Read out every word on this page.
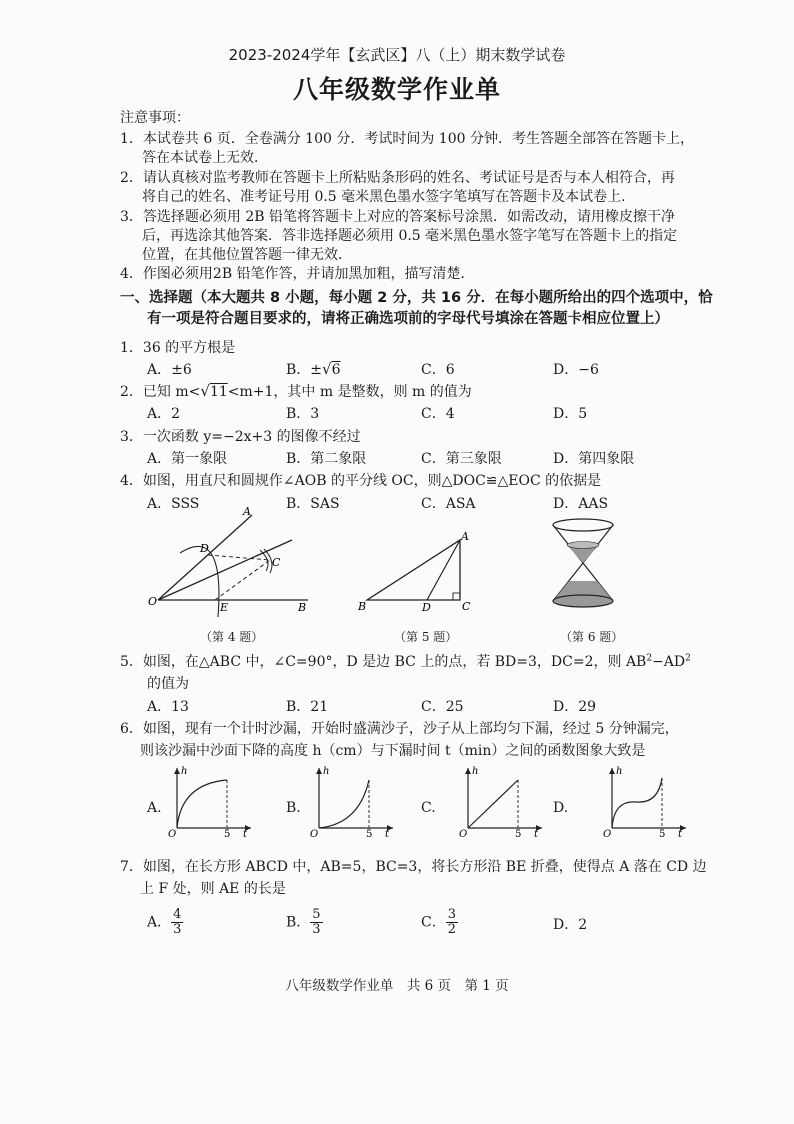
2023-2024学年【玄武区】八（上）期末数学试卷
八年级数学作业单
注意事项：
1．本试卷共 6 页．全卷满分 100 分．考试时间为 100 分钟．考生答题全部答在答题卡上，
答在本试卷上无效．
2．请认真核对监考教师在答题卡上所粘贴条形码的姓名、考试证号是否与本人相符合，再
将自己的姓名、准考证号用 0.5 毫米黑色墨水签字笔填写在答题卡及本试卷上．
3．答选择题必须用 2B 铅笔将答题卡上对应的答案标号涂黑．如需改动，请用橡皮擦干净
后，再选涂其他答案．答非选择题必须用 0.5 毫米黑色墨水签字笔写在答题卡上的指定
位置，在其他位置答题一律无效．
4．作图必须用2B 铅笔作答，并请加黑加粗，描写清楚．
一、选择题（本大题共 8 小题，每小题 2 分，共 16 分．在每小题所给出的四个选项中，恰
有一项是符合题目要求的，请将正确选项前的字母代号填涂在答题卡相应位置上）
1．36 的平方根是
A．±6	B．±√6	C．6	D．−6
2．已知 m<√11<m+1，其中 m 是整数，则 m 的值为
A．2	B．3	C．4	D．5
3．一次函数 y=−2x+3 的图像不经过
A．第一象限	B．第二象限	C．第三象限	D．第四象限
4．如图，用直尺和圆规作∠AOB 的平分线 OC，则△DOC≌△EOC 的依据是
A．SSS	B．SAS	C．ASA	D．AAS
A
D
C
O	E	B
（第 4 题）
A
B	D	C
（第 5 题）	（第 6 题）
5．如图，在△ABC 中，∠C=90°，D 是边 BC 上的点，若 BD=3，DC=2，则 $AB^2-AD^2$
的值为
A．13	B．21	C．25	D．29
6．如图，现有一个计时沙漏，开始时盛满沙子，沙子从上部均匀下漏，经过 5 分钟漏完，
则该沙漏中沙面下降的高度 h（cm）与下漏时间 t（min）之间的函数图象大致是
A.
h
O	5 t
B.
h
O	5 t
C.
h
O	5 t
D.
h
O	5 t
7．如图，在长方形 ABCD 中，AB=5，BC=3，将长方形沿 BE 折叠，使得点 A 落在 CD 边
上 F 处，则 AE 的长是
A． $\frac{4}{3}$	B． $\frac{5}{3}$	C． $\frac{3}{2}$	D．2
八年级数学作业单　共 6 页　第 1 页
